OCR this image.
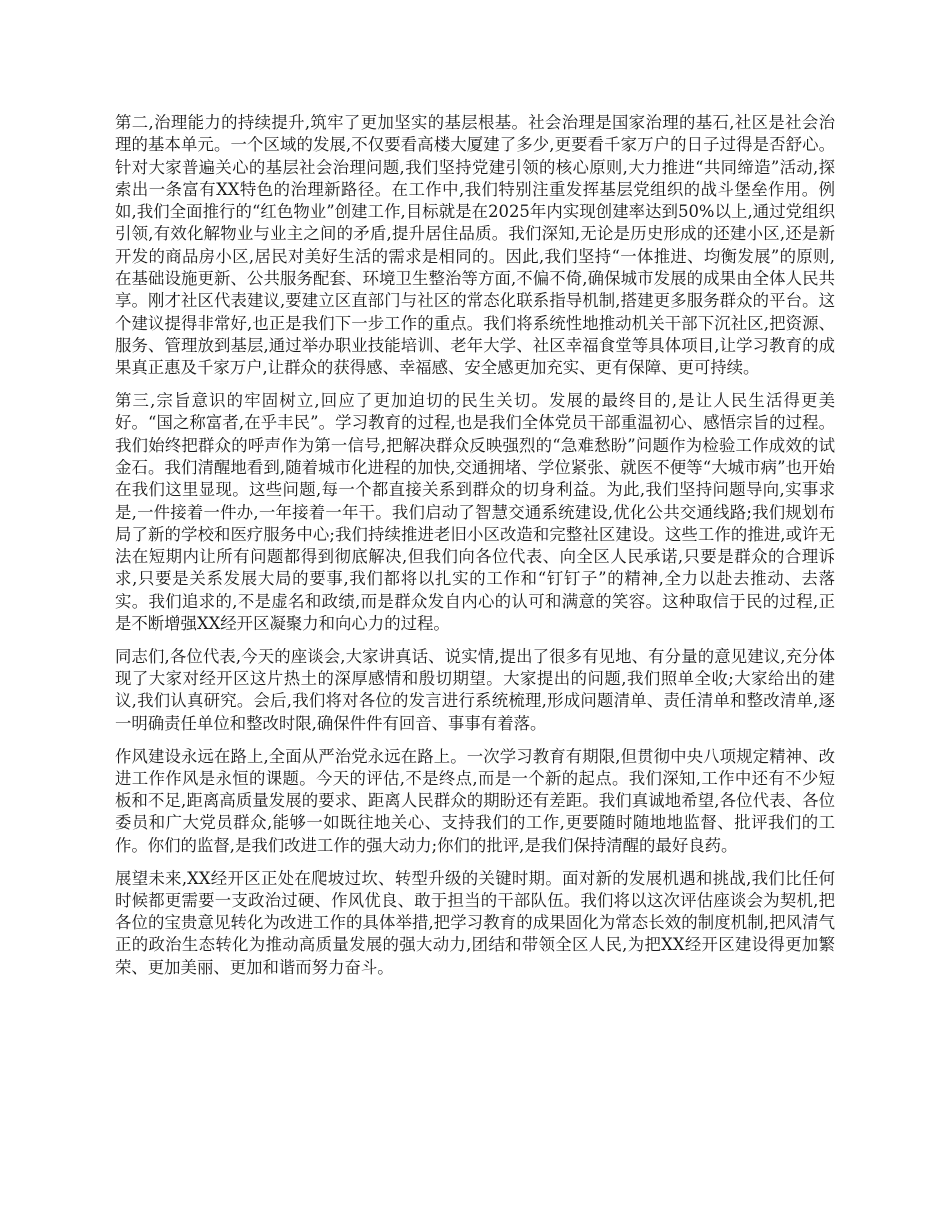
第二,治理能力的持续提升,筑牢了更加坚实的基层根基。社会治理是国家治理的基石,社区是社会治理的基本单元。一个区域的发展,不仅要看高楼大厦建了多少,更要看千家万户的日子过得是否舒心。针对大家普遍关心的基层社会治理问题,我们坚持党建引领的核心原则,大力推进“共同缔造”活动,探索出一条富有XX特色的治理新路径。在工作中,我们特别注重发挥基层党组织的战斗堡垒作用。例如,我们全面推行的“红色物业”创建工作,目标就是在2025年内实现创建率达到50%以上,通过党组织引领,有效化解物业与业主之间的矛盾,提升居住品质。我们深知,无论是历史形成的还建小区,还是新开发的商品房小区,居民对美好生活的需求是相同的。因此,我们坚持“一体推进、均衡发展”的原则,在基础设施更新、公共服务配套、环境卫生整治等方面,不偏不倚,确保城市发展的成果由全体人民共享。刚才社区代表建议,要建立区直部门与社区的常态化联系指导机制,搭建更多服务群众的平台。这个建议提得非常好,也正是我们下一步工作的重点。我们将系统性地推动机关干部下沉社区,把资源、服务、管理放到基层,通过举办职业技能培训、老年大学、社区幸福食堂等具体项目,让学习教育的成果真正惠及千家万户,让群众的获得感、幸福感、安全感更加充实、更有保障、更可持续。

第三,宗旨意识的牢固树立,回应了更加迫切的民生关切。发展的最终目的,是让人民生活得更美好。“国之称富者,在乎丰民”。学习教育的过程,也是我们全体党员干部重温初心、感悟宗旨的过程。我们始终把群众的呼声作为第一信号,把解决群众反映强烈的“急难愁盼”问题作为检验工作成效的试金石。我们清醒地看到,随着城市化进程的加快,交通拥堵、学位紧张、就医不便等“大城市病”也开始在我们这里显现。这些问题,每一个都直接关系到群众的切身利益。为此,我们坚持问题导向,实事求是,一件接着一件办,一年接着一年干。我们启动了智慧交通系统建设,优化公共交通线路;我们规划布局了新的学校和医疗服务中心;我们持续推进老旧小区改造和完整社区建设。这些工作的推进,或许无法在短期内让所有问题都得到彻底解决,但我们向各位代表、向全区人民承诺,只要是群众的合理诉求,只要是关系发展大局的要事,我们都将以扎实的工作和“钉钉子”的精神,全力以赴去推动、去落实。我们追求的,不是虚名和政绩,而是群众发自内心的认可和满意的笑容。这种取信于民的过程,正是不断增强XX经开区凝聚力和向心力的过程。

同志们,各位代表,今天的座谈会,大家讲真话、说实情,提出了很多有见地、有分量的意见建议,充分体现了大家对经开区这片热土的深厚感情和殷切期望。大家提出的问题,我们照单全收;大家给出的建议,我们认真研究。会后,我们将对各位的发言进行系统梳理,形成问题清单、责任清单和整改清单,逐一明确责任单位和整改时限,确保件件有回音、事事有着落。

作风建设永远在路上,全面从严治党永远在路上。一次学习教育有期限,但贯彻中央八项规定精神、改进工作作风是永恒的课题。今天的评估,不是终点,而是一个新的起点。我们深知,工作中还有不少短板和不足,距离高质量发展的要求、距离人民群众的期盼还有差距。我们真诚地希望,各位代表、各位委员和广大党员群众,能够一如既往地关心、支持我们的工作,更要随时随地地监督、批评我们的工作。你们的监督,是我们改进工作的强大动力;你们的批评,是我们保持清醒的最好良药。

展望未来,XX经开区正处在爬坡过坎、转型升级的关键时期。面对新的发展机遇和挑战,我们比任何时候都更需要一支政治过硬、作风优良、敢于担当的干部队伍。我们将以这次评估座谈会为契机,把各位的宝贵意见转化为改进工作的具体举措,把学习教育的成果固化为常态长效的制度机制,把风清气正的政治生态转化为推动高质量发展的强大动力,团结和带领全区人民,为把XX经开区建设得更加繁荣、更加美丽、更加和谐而努力奋斗。
